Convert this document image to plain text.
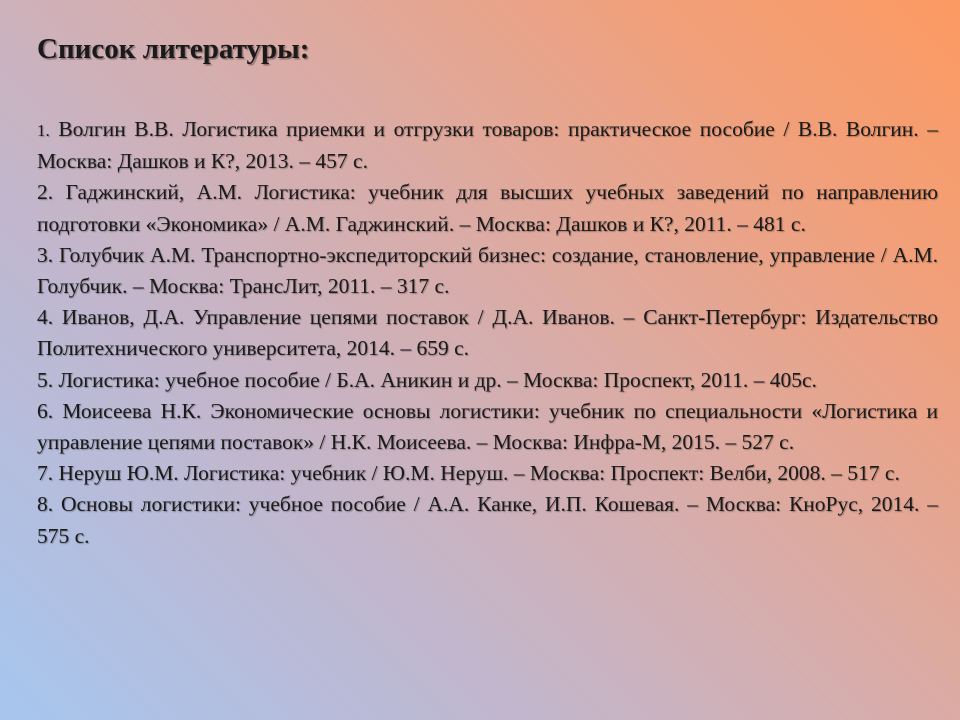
Список литературы:
1. Волгин В.В. Логистика приемки и отгрузки товаров: практическое пособие / В.В. Волгин. – Москва: Дашков и К?, 2013. – 457 с.
2. Гаджинский, А.М. Логистика: учебник для высших учебных заведений по направлению подготовки «Экономика» / А.М. Гаджинский. – Москва: Дашков и К?, 2011. – 481 с.
3. Голубчик А.М. Транспортно-экспедиторский бизнес: создание, становление, управление / А.М. Голубчик. – Москва: ТрансЛит, 2011. – 317 с.
4. Иванов, Д.А. Управление цепями поставок / Д.А. Иванов. – Санкт-Петербург: Издательство Политехнического университета, 2014. – 659 с.
5. Логистика: учебное пособие / Б.А. Аникин и др. – Москва: Проспект, 2011. – 405с.
6. Моисеева Н.К. Экономические основы логистики: учебник по специальности «Логистика и управление цепями поставок» / Н.К. Моисеева. – Москва: Инфра-М, 2015. – 527 с.
7. Неруш Ю.М. Логистика: учебник / Ю.М. Неруш. – Москва: Проспект: Велби, 2008. – 517 с.
8. Основы логистики: учебное пособие / А.А. Канке, И.П. Кошевая. – Москва: КноРус, 2014. – 575 с.
